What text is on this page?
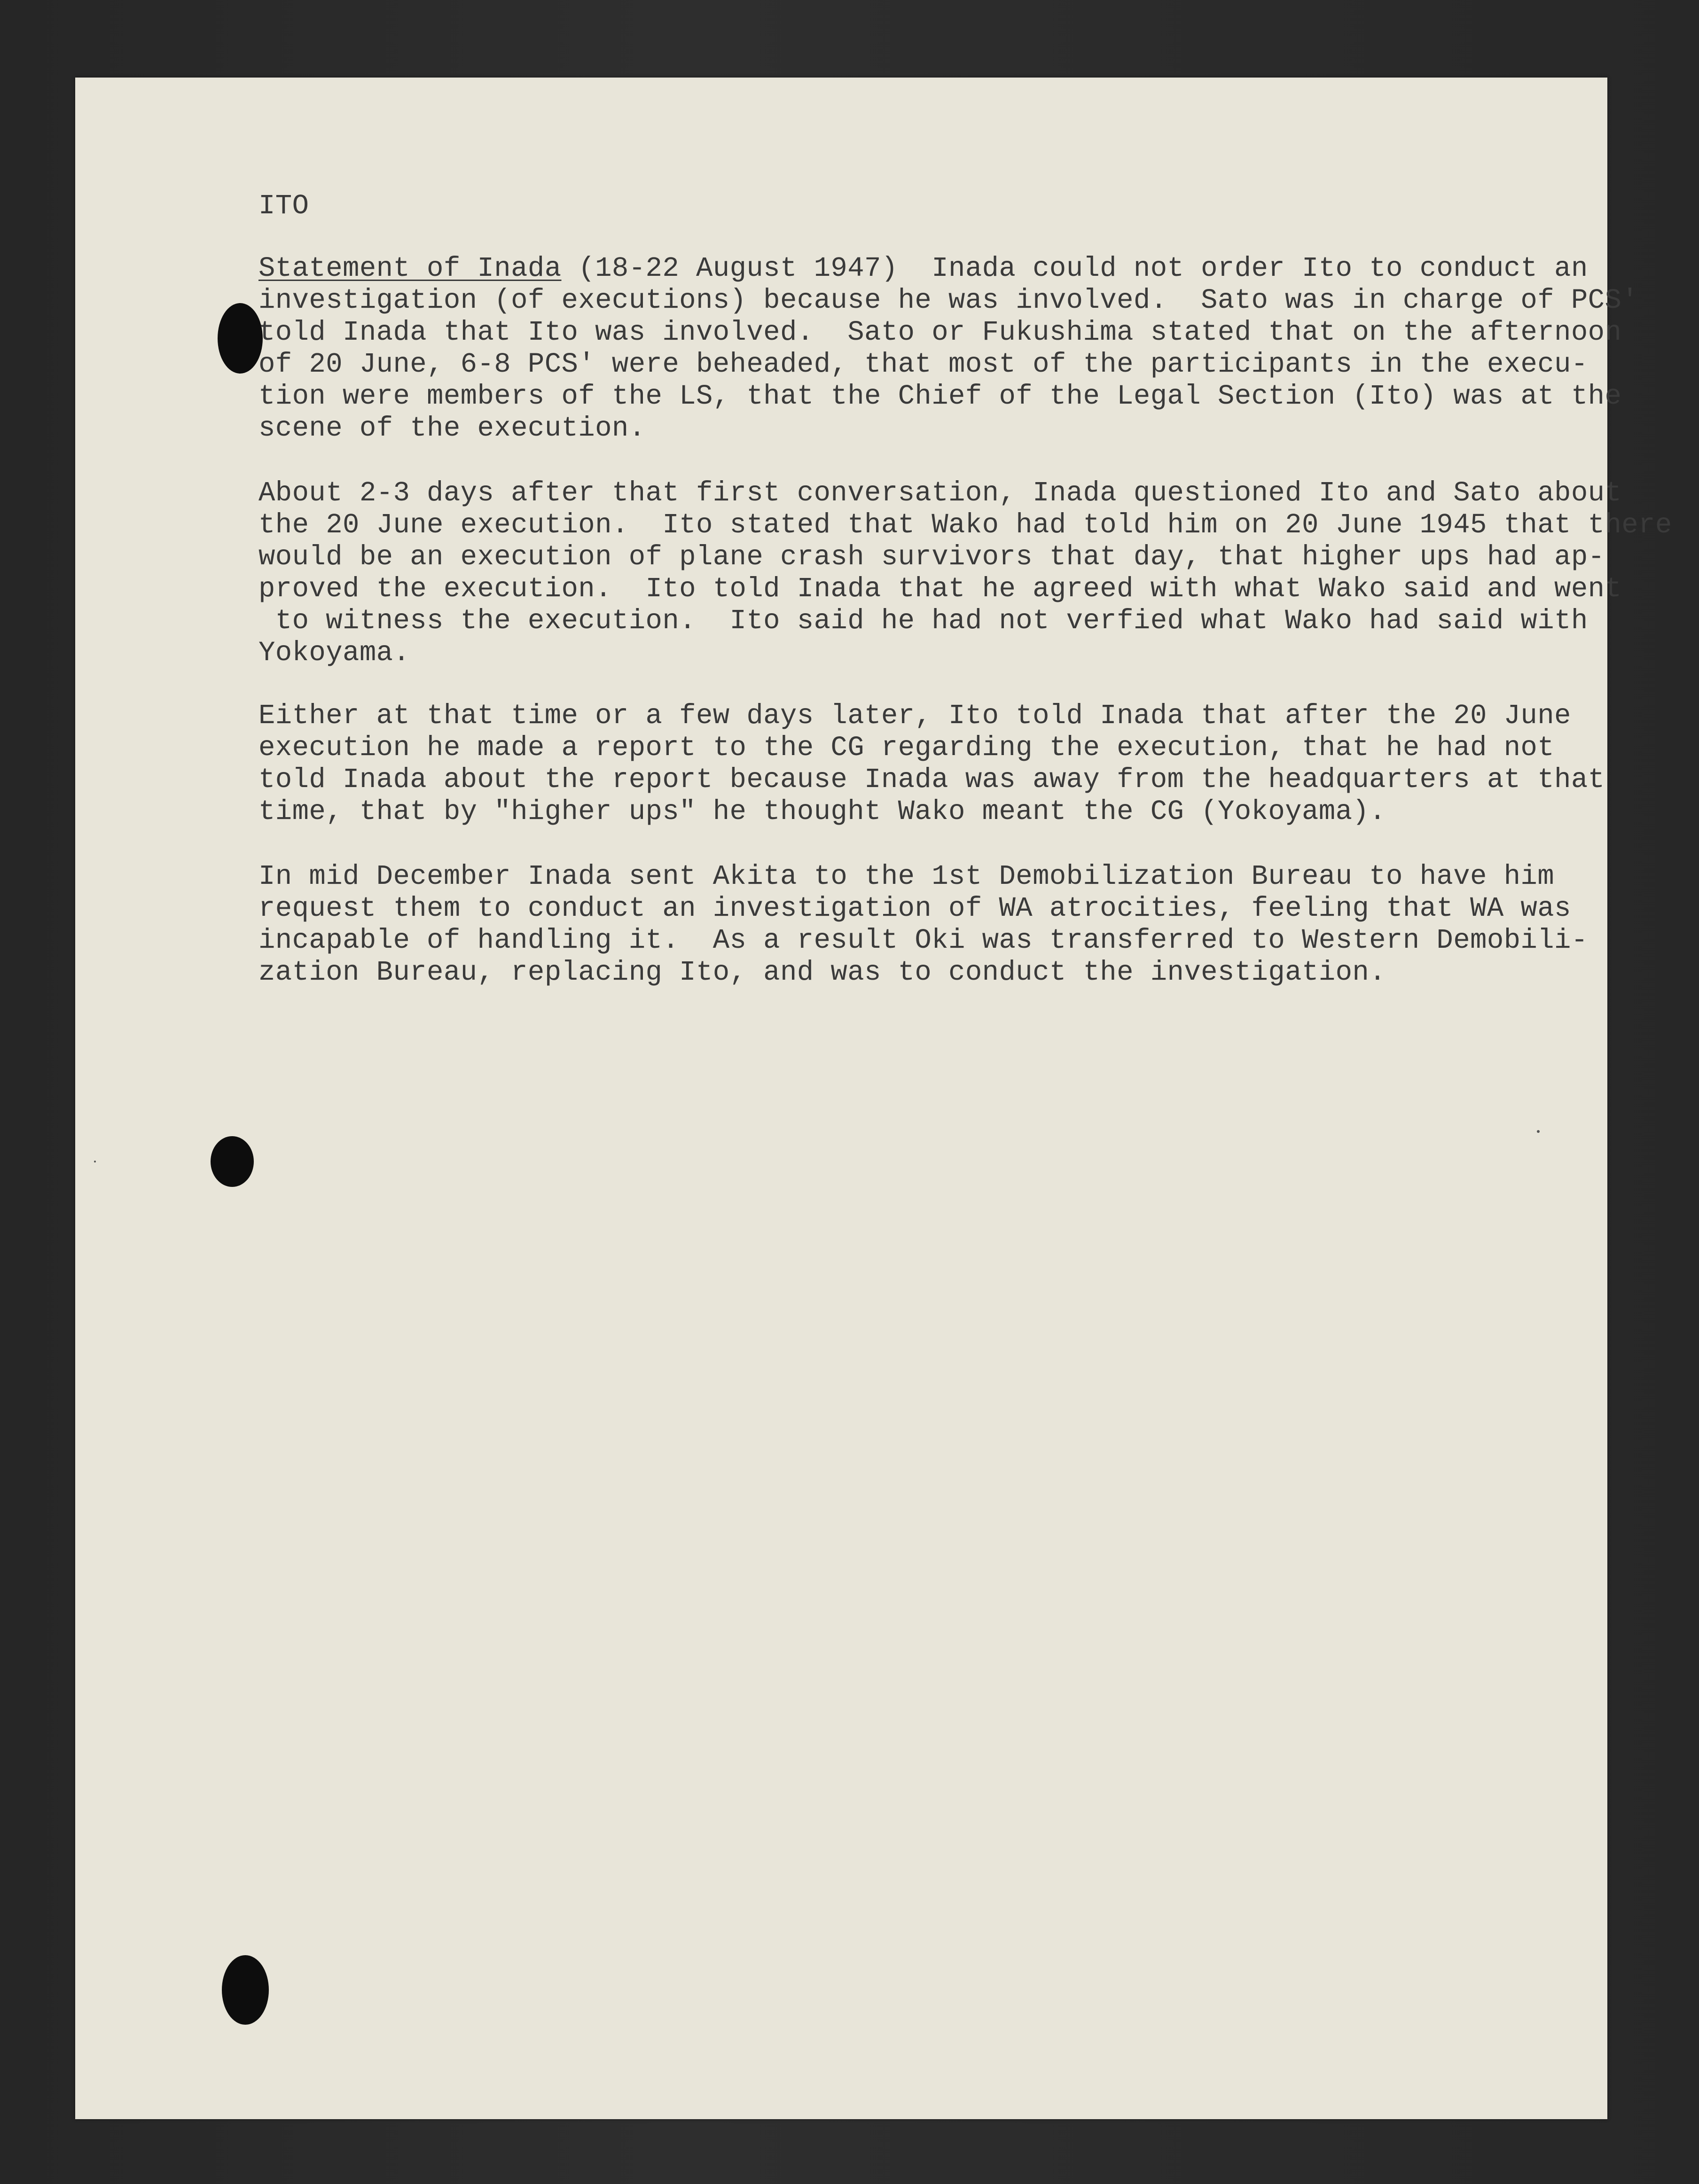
ITO
Statement of Inada (18-22 August 1947)  Inada could not order Ito to conduct an
investigation (of executions) because he was involved.  Sato was in charge of PCS'
told Inada that Ito was involved.  Sato or Fukushima stated that on the afternoon
of 20 June, 6-8 PCS' were beheaded, that most of the participants in the execu-
tion were members of the LS, that the Chief of the Legal Section (Ito) was at the
scene of the execution.
About 2-3 days after that first conversation, Inada questioned Ito and Sato about
the 20 June execution.  Ito stated that Wako had told him on 20 June 1945 that there
would be an execution of plane crash survivors that day, that higher ups had ap-
proved the execution.  Ito told Inada that he agreed with what Wako said and went
to witness the execution.  Ito said he had not verfied what Wako had said with
Yokoyama.
Either at that time or a few days later, Ito told Inada that after the 20 June
execution he made a report to the CG regarding the execution, that he had not
told Inada about the report because Inada was away from the headquarters at that
time, that by "higher ups" he thought Wako meant the CG (Yokoyama).
In mid December Inada sent Akita to the 1st Demobilization Bureau to have him
request them to conduct an investigation of WA atrocities, feeling that WA was
incapable of handling it.  As a result Oki was transferred to Western Demobili-
zation Bureau, replacing Ito, and was to conduct the investigation.
